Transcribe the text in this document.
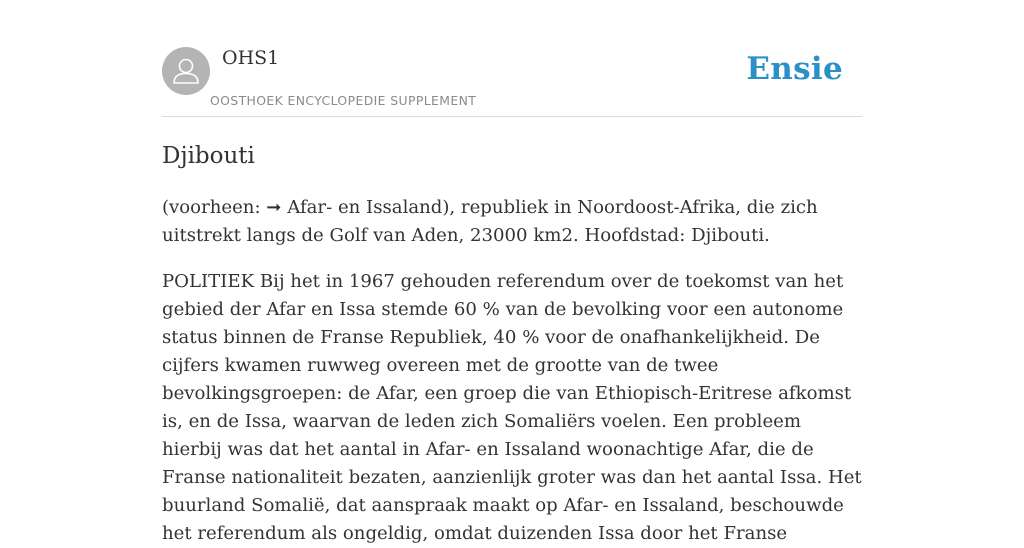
OHS1
OOSTHOEK ENCYCLOPEDIE SUPPLEMENT
Ensie
Djibouti

(voorheen: ➞ Afar- en Issaland), republiek in Noordoost-Afrika, die zich uitstrekt langs de Golf van Aden, 23000 km2. Hoofdstad: Djibouti.

POLITIEK Bij het in 1967 gehouden referendum over de toekomst van het gebied der Afar en Issa stemde 60 % van de bevolking voor een autonome status binnen de Franse Republiek, 40 % voor de onafhankelijkheid. De cijfers kwamen ruwweg overeen met de grootte van de twee bevolkingsgroepen: de Afar, een groep die van Ethiopisch-Eritrese afkomst is, en de Issa, waarvan de leden zich Somaliërs voelen. Een probleem hierbij was dat het aantal in Afar- en Issaland woonachtige Afar, die de Franse nationaliteit bezaten, aanzienlijk groter was dan het aantal Issa. Het buurland Somalië, dat aanspraak maakt op Afar- en Issaland, beschouwde het referendum als ongeldig, omdat duizenden Issa door het Franse
